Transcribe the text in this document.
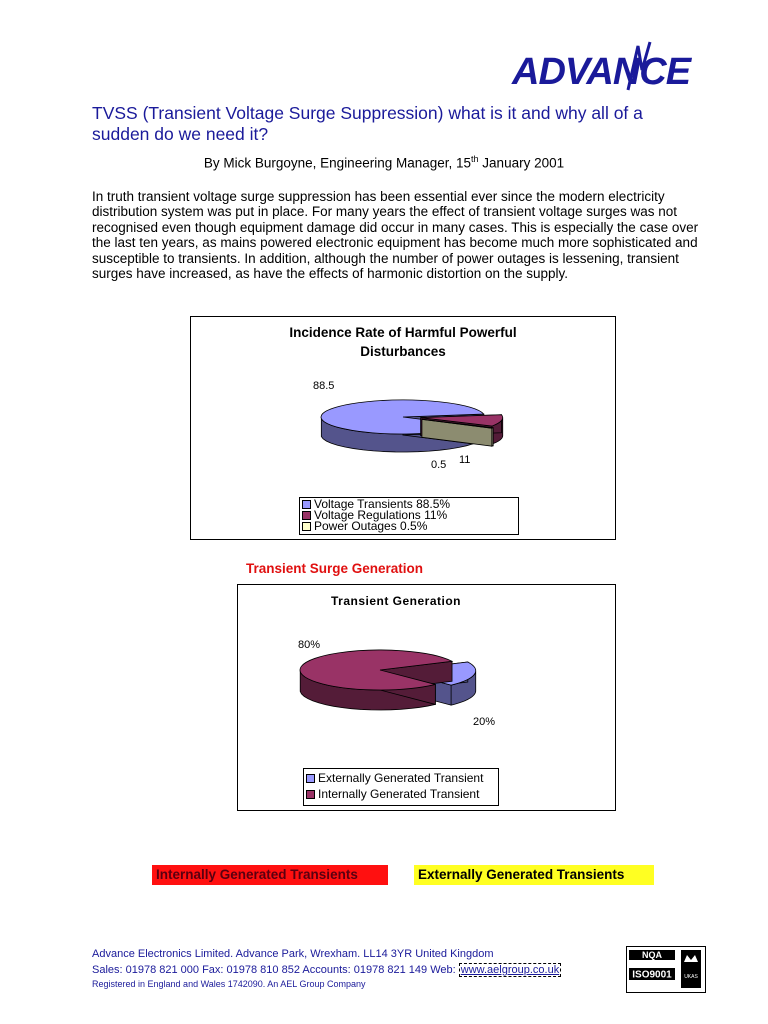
ADVANCE
TVSS (Transient Voltage Surge Suppression) what is it and why all of a sudden do we need it?
By Mick Burgoyne, Engineering Manager, 15th January 2001
In truth transient voltage surge suppression has been essential ever since the modern electricity distribution system was put in place. For many years the effect of transient voltage surges was not recognised even though equipment damage did occur in many cases. This is especially the case over the last ten years, as mains powered electronic equipment has become much more sophisticated and susceptible to transients. In addition, although the number of power outages is lessening, transient surges have increased, as have the effects of harmonic distortion on the supply.
Incidence Rate of Harmful Powerful
Disturbances
88.5
11
0.5
Voltage Transients 88.5%
Voltage Regulations 11%
Power Outages 0.5%
Transient Surge Generation
Transient Generation
20%
80%
Externally Generated Transient
Internally Generated Transient
Internally Generated Transients	Externally Generated Transients
Advance Electronics Limited. Advance Park, Wrexham. LL14 3YR United Kingdom
Sales: 01978 821 000 Fax: 01978 810 852 Accounts: 01978 821 149 Web: www.aelgroup.co.uk
Registered in England and Wales 1742090. An AEL Group Company
NQA
ISO9001 UKAS
